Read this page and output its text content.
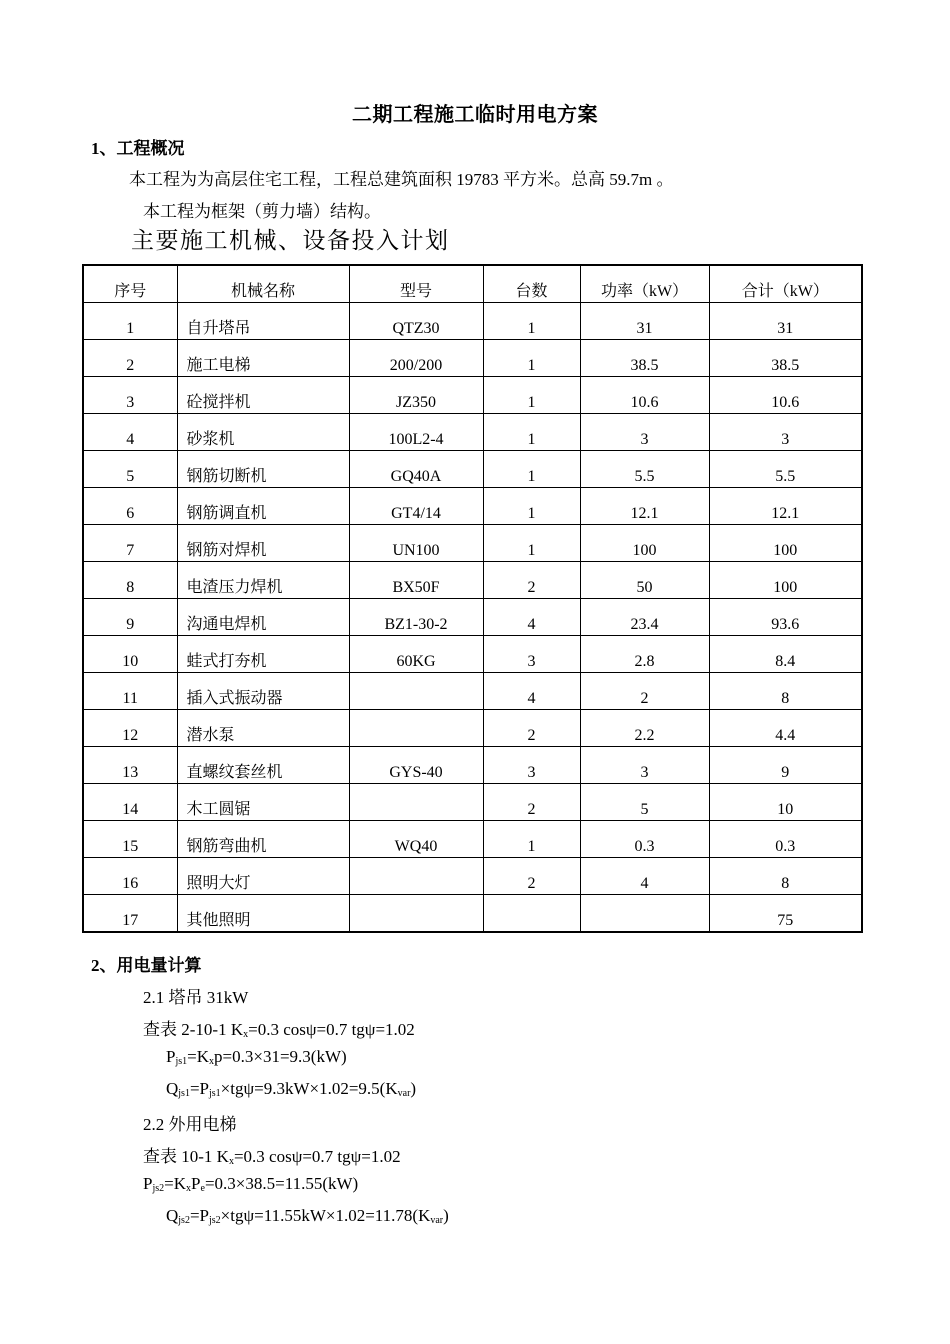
二期工程施工临时用电方案
1、工程概况
本工程为为高层住宅工程，工程总建筑面积 19783 平方米。总高 59.7m 。
本工程为框架（剪力墙）结构。
主要施工机械、设备投入计划
序号	机械名称	型号	台数	功率（kW）	合计（kW）
1	自升塔吊	QTZ30	1	31	31
2	施工电梯	200/200	1	38.5	38.5
3	砼搅拌机	JZ350	1	10.6	10.6
4	砂浆机	100L2-4	1	3	3
5	钢筋切断机	GQ40A	1	5.5	5.5
6	钢筋调直机	GT4/14	1	12.1	12.1
7	钢筋对焊机	UN100	1	100	100
8	电渣压力焊机	BX50F	2	50	100
9	沟通电焊机	BZ1-30-2	4	23.4	93.6
10	蛙式打夯机	60KG	3	2.8	8.4
11	插入式振动器		4	2	8
12	潜水泵		2	2.2	4.4
13	直螺纹套丝机	GYS-40	3	3	9
14	木工圆锯		2	5	10
15	钢筋弯曲机	WQ40	1	0.3	0.3
16	照明大灯		2	4	8
17	其他照明				75
2、用电量计算
2.1 塔吊 31kW
查表 2-10-1 $K_x=0.3$ cosψ=0.7 tgψ=1.02
$P_{js1}=K_xp=0.3\times 31=9.3(kW)$
$Q_{js1}=P_{js1}\times tg\psi=9.3kW\times 1.02=9.5(K_{var})$
2.2 外用电梯
查表 10-1 $K_x=0.3$ cosψ=0.7 tgψ=1.02
$P_{js2}=K_xP_e=0.3\times 38.5=11.55(kW)$
$Q_{js2}=P_{js2}\times tg\psi=11.55kW\times 1.02=11.78(K_{var})$
